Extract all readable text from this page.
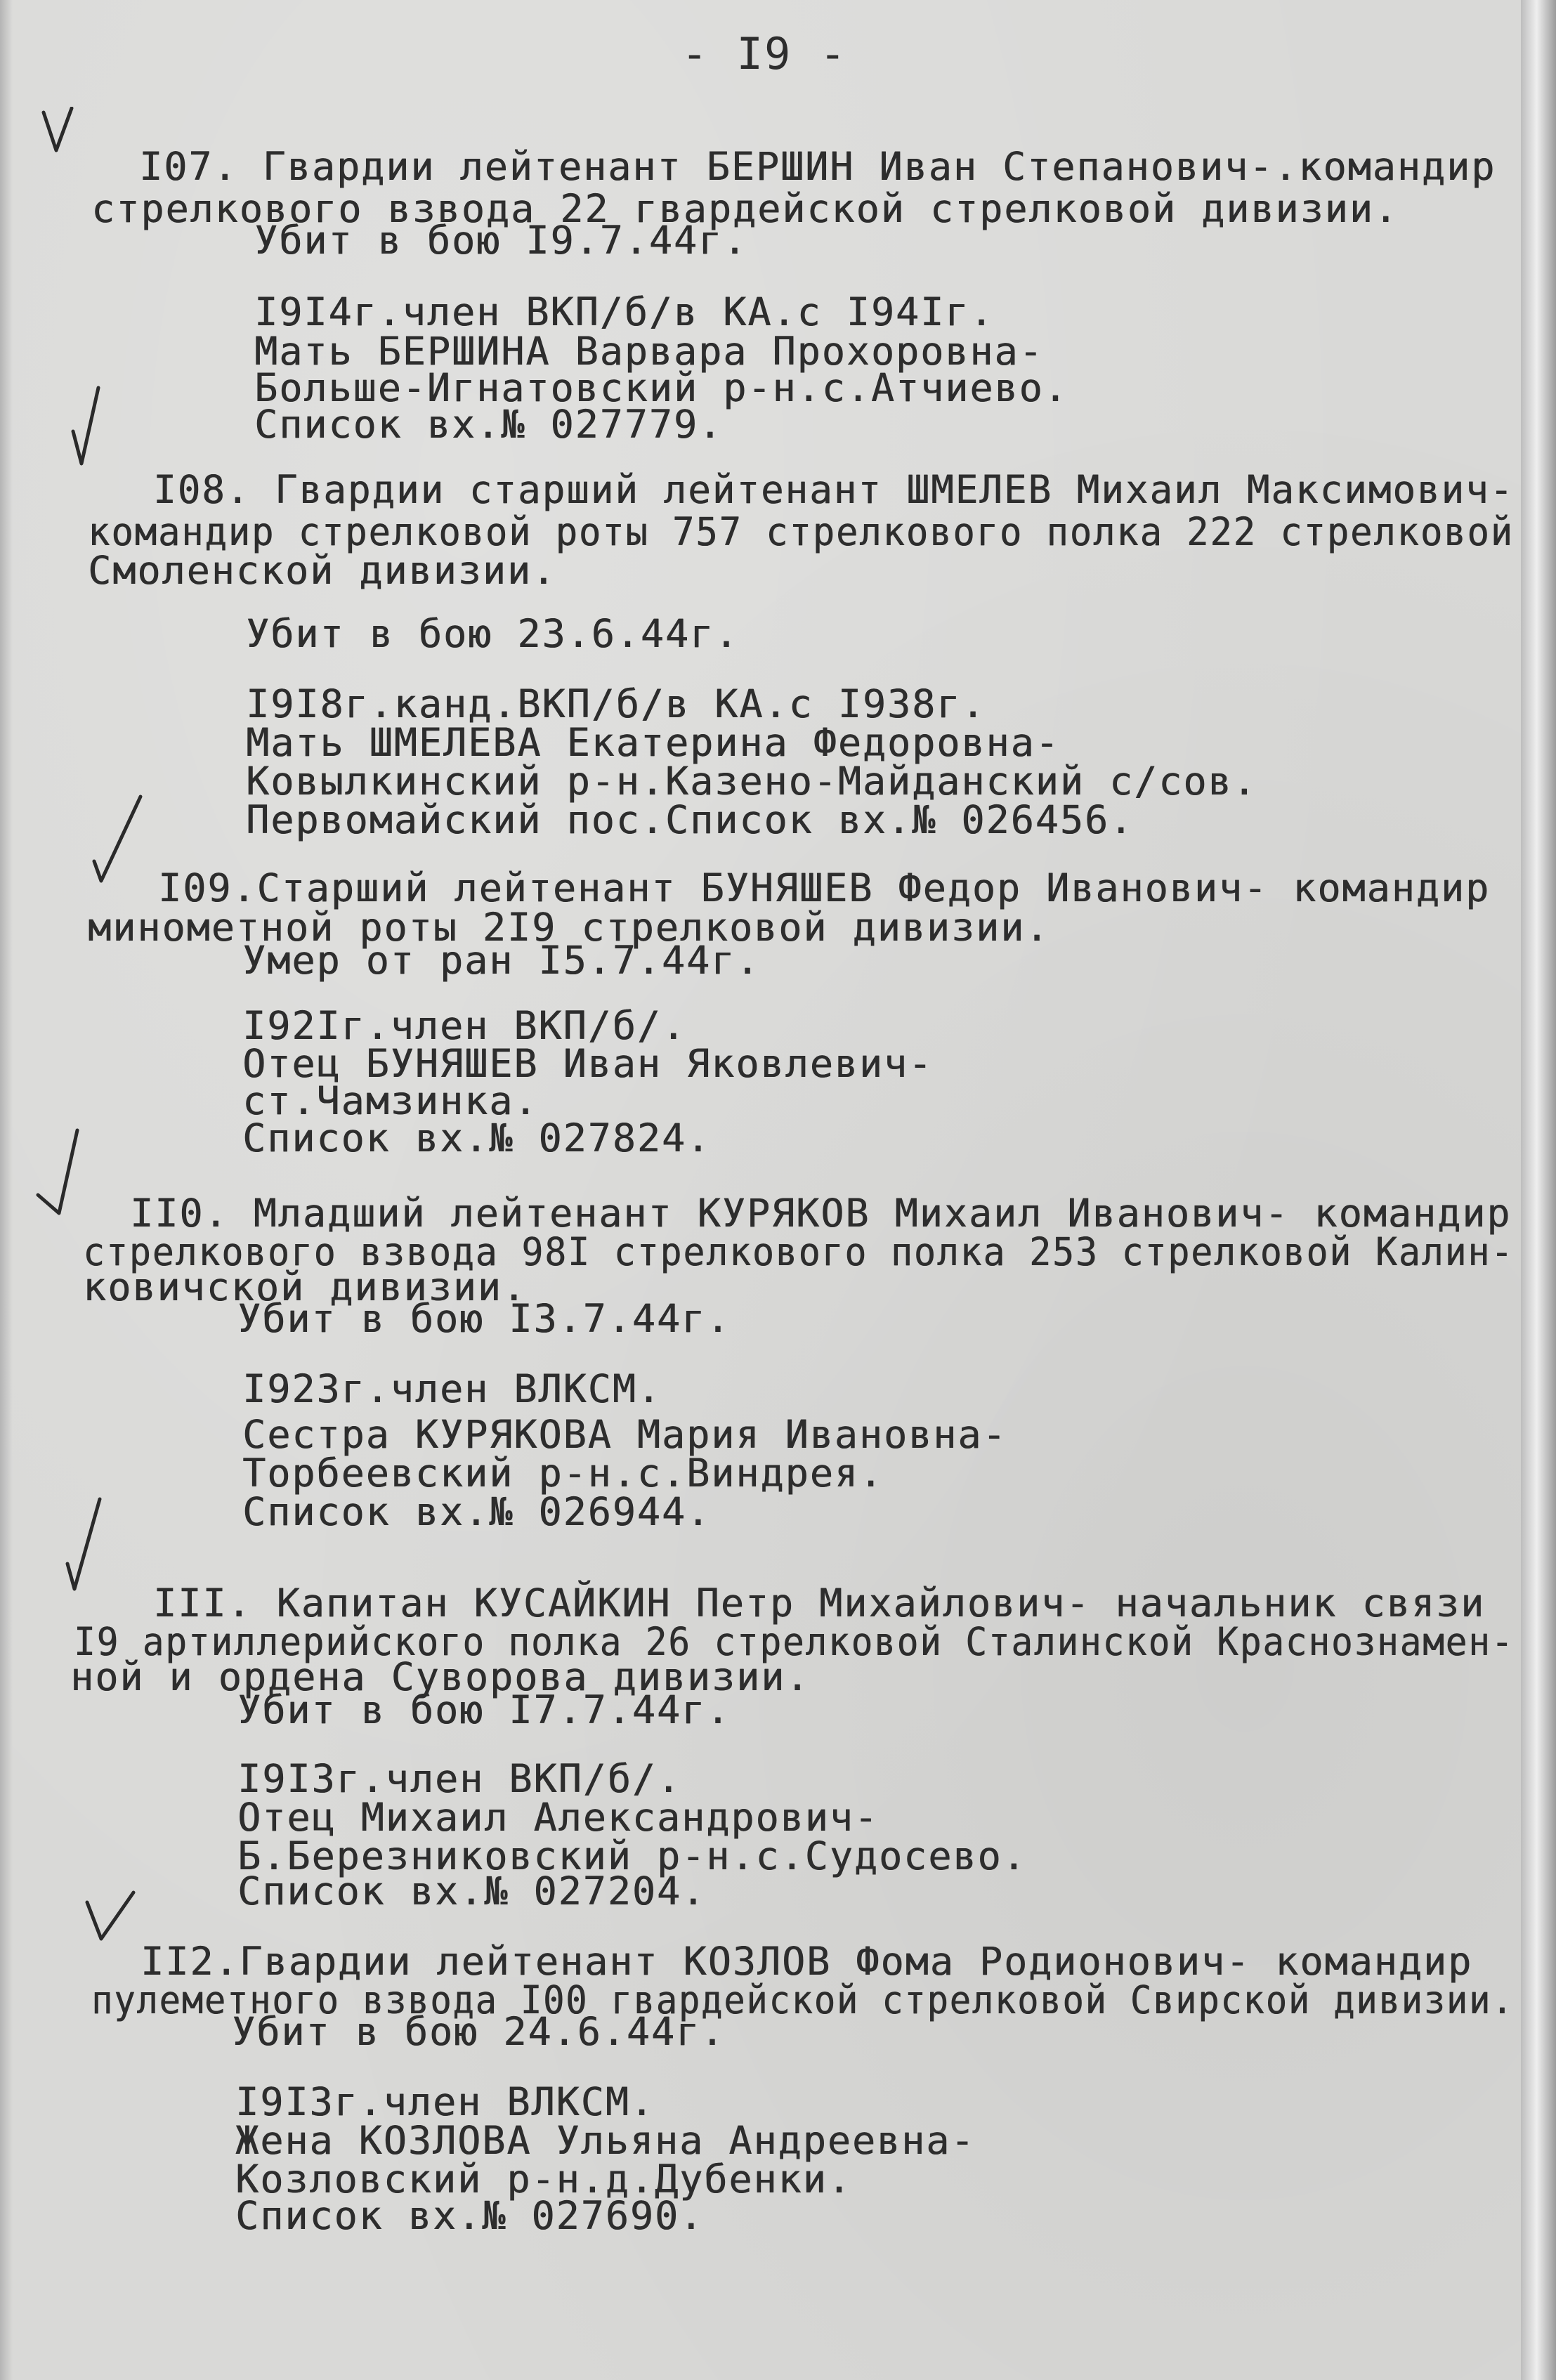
- I9 -
I07. Гвардии лейтенант БЕРШИН Иван Степанович-.командир
стрелкового взвода 22 гвардейской стрелковой дивизии.
Убит в бою I9.7.44г.
I9I4г.член ВКП/б/в КА.с I94Iг.
Мать БЕРШИНА Варвара Прохоровна-
Больше-Игнатовский р-н.с.Атчиево.
Список вх.№ 027779.
I08. Гвардии старший лейтенант ШМЕЛЕВ Михаил Максимович-
командир стрелковой роты 757 стрелкового полка 222 стрелковой
Смоленской дивизии.
Убит в бою 23.6.44г.
I9I8г.канд.ВКП/б/в КА.с I938г.
Мать ШМЕЛЕВА Екатерина Федоровна-
Ковылкинский р-н.Казено-Майданский с/сов.
Первомайский пос.Список вх.№ 026456.
I09.Старший лейтенант БУНЯШЕВ Федор Иванович- командир
минометной роты 2I9 стрелковой дивизии.
Умер от ран I5.7.44г.
I92Iг.член ВКП/б/.
Отец БУНЯШЕВ Иван Яковлевич-
ст.Чамзинка.
Список вх.№ 027824.
II0. Младший лейтенант КУРЯКОВ Михаил Иванович- командир
стрелкового взвода 98I стрелкового полка 253 стрелковой Калин-
ковичской дивизии.
Убит в бою I3.7.44г.
I923г.член ВЛКСМ.
Сестра КУРЯКОВА Мария Ивановна-
Торбеевский р-н.с.Виндрея.
Список вх.№ 026944.
III. Капитан КУСАЙКИН Петр Михайлович- начальник связи
I9 артиллерийского полка 26 стрелковой Сталинской Краснознамен-
ной и ордена Суворова дивизии.
Убит в бою I7.7.44г.
I9I3г.член ВКП/б/.
Отец Михаил Александрович-
Б.Березниковский р-н.с.Судосево.
Список вх.№ 027204.
II2.Гвардии лейтенант КОЗЛОВ Фома Родионович- командир
пулеметного взвода I00 гвардейской стрелковой Свирской дивизии.
Убит в бою 24.6.44г.
I9I3г.член ВЛКСМ.
Жена КОЗЛОВА Ульяна Андреевна-
Козловский р-н.д.Дубенки.
Список вх.№ 027690.
